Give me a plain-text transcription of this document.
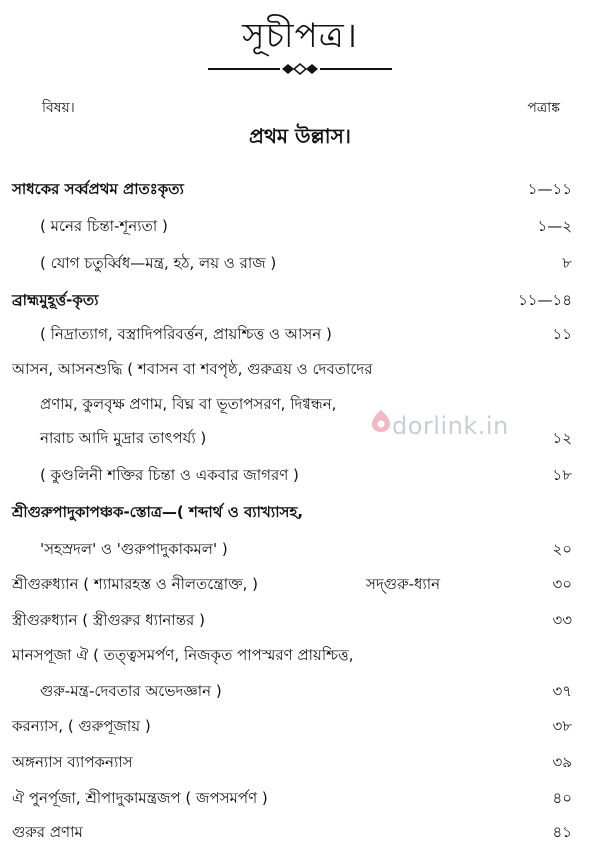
সূচীপত্র।
বিষয়।	পত্রাঙ্ক
প্রথম উল্লাস।
সাধকের সর্ব্বপ্রথম প্রাতঃকৃত্য	১—১১
( মনের চিন্তা-শূন্যতা )	১—২
( যোগ চতুর্ব্বিধ—মন্ত্র, হঠ, লয় ও রাজ )	৮
ব্রাহ্মমুহূর্ত্ত-কৃত্য	১১—১৪
( নিদ্রাত্যাগ, বস্ত্রাদিপরিবর্ত্তন, প্রায়শ্চিত্ত ও আসন )	১১
আসন, আসনশুদ্ধি ( শবাসন বা শবপৃষ্ঠ, গুরুত্রয় ও দেবতাদের
প্রণাম, কুলবৃক্ষ প্রণাম, বিঘ্ন বা ভূতাপসরণ, দিগ্বন্ধন,
নারাচ আদি মুদ্রার তাৎপর্য্য )	১২
( কুণ্ডলিনী শক্তির চিন্তা ও একবার জাগরণ )	১৮
শ্রীগুরুপাদুকাপঞ্চক-স্তোত্র—( শব্দার্থ ও ব্যাখ্যাসহ,
'সহস্রদল' ও 'গুরুপাদুকাকমল' )	২০
শ্রীগুরুধ্যান ( শ্যামারহস্ত ও নীলতন্ত্রোক্ত, )	সদ্গুরু-ধ্যান	৩০
স্ত্রীগুরুধ্যান ( স্ত্রীগুরুর ধ্যানান্তর )	৩৩
মানসপূজা ঐ ( তত্ত্বসমর্পণ, নিজকৃত পাপস্মরণ প্রায়শ্চিত্ত,
গুরু-মন্ত্র-দেবতার অভেদজ্ঞান )	৩৭
করন্যাস, ( গুরুপূজায় )	৩৮
অঙ্গন্যাস ব্যাপকন্যাস	৩৯
ঐ পুনর্পূজা, শ্রীপাদুকামন্ত্রজপ ( জপসমর্পণ )	৪০
গুরুর প্রণাম	৪১
dorlink.in
